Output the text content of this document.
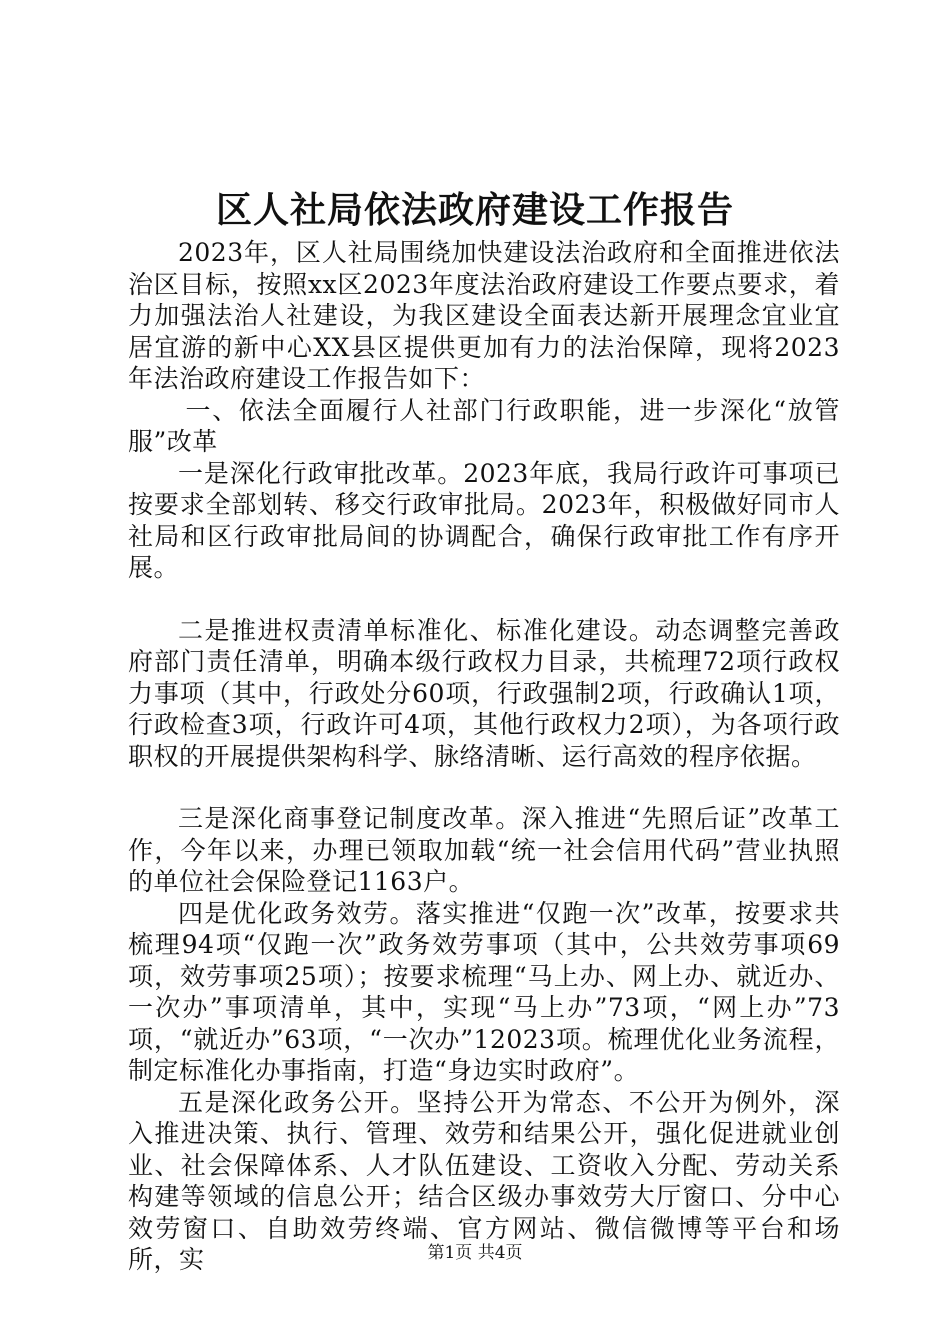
区人社局依法政府建设工作报告

2023年，区人社局围绕加快建设法治政府和全面推进依法治区目标，按照xx区2023年度法治政府建设工作要点要求，着力加强法治人社建设，为我区建设全面表达新开展理念宜业宜居宜游的新中心XX县区提供更加有力的法治保障，现将2023年法治政府建设工作报告如下：

一、依法全面履行人社部门行政职能，进一步深化“放管服”改革

一是深化行政审批改革。2023年底，我局行政许可事项已按要求全部划转、移交行政审批局。2023年，积极做好同市人社局和区行政审批局间的协调配合，确保行政审批工作有序开展。

二是推进权责清单标准化、标准化建设。动态调整完善政府部门责任清单，明确本级行政权力目录，共梳理72项行政权力事项（其中，行政处分60项，行政强制2项，行政确认1项，行政检查3项，行政许可4项，其他行政权力2项），为各项行政职权的开展提供架构科学、脉络清晰、运行高效的程序依据。

三是深化商事登记制度改革。深入推进“先照后证”改革工作，今年以来，办理已领取加载“统一社会信用代码”营业执照的单位社会保险登记1163户。

四是优化政务效劳。落实推进“仅跑一次”改革，按要求共梳理94项“仅跑一次”政务效劳事项（其中，公共效劳事项69项，效劳事项25项）；按要求梳理“马上办、网上办、就近办、一次办”事项清单，其中，实现“马上办”73项，“网上办”73项，“就近办”63项，“一次办”12023项。梳理优化业务流程，制定标准化办事指南，打造“身边实时政府”。

五是深化政务公开。坚持公开为常态、不公开为例外，深入推进决策、执行、管理、效劳和结果公开，强化促进就业创业、社会保障体系、人才队伍建设、工资收入分配、劳动关系构建等领域的信息公开；结合区级办事效劳大厅窗口、分中心效劳窗口、自助效劳终端、官方网站、微信微博等平台和场所，实	第1页 共4页
